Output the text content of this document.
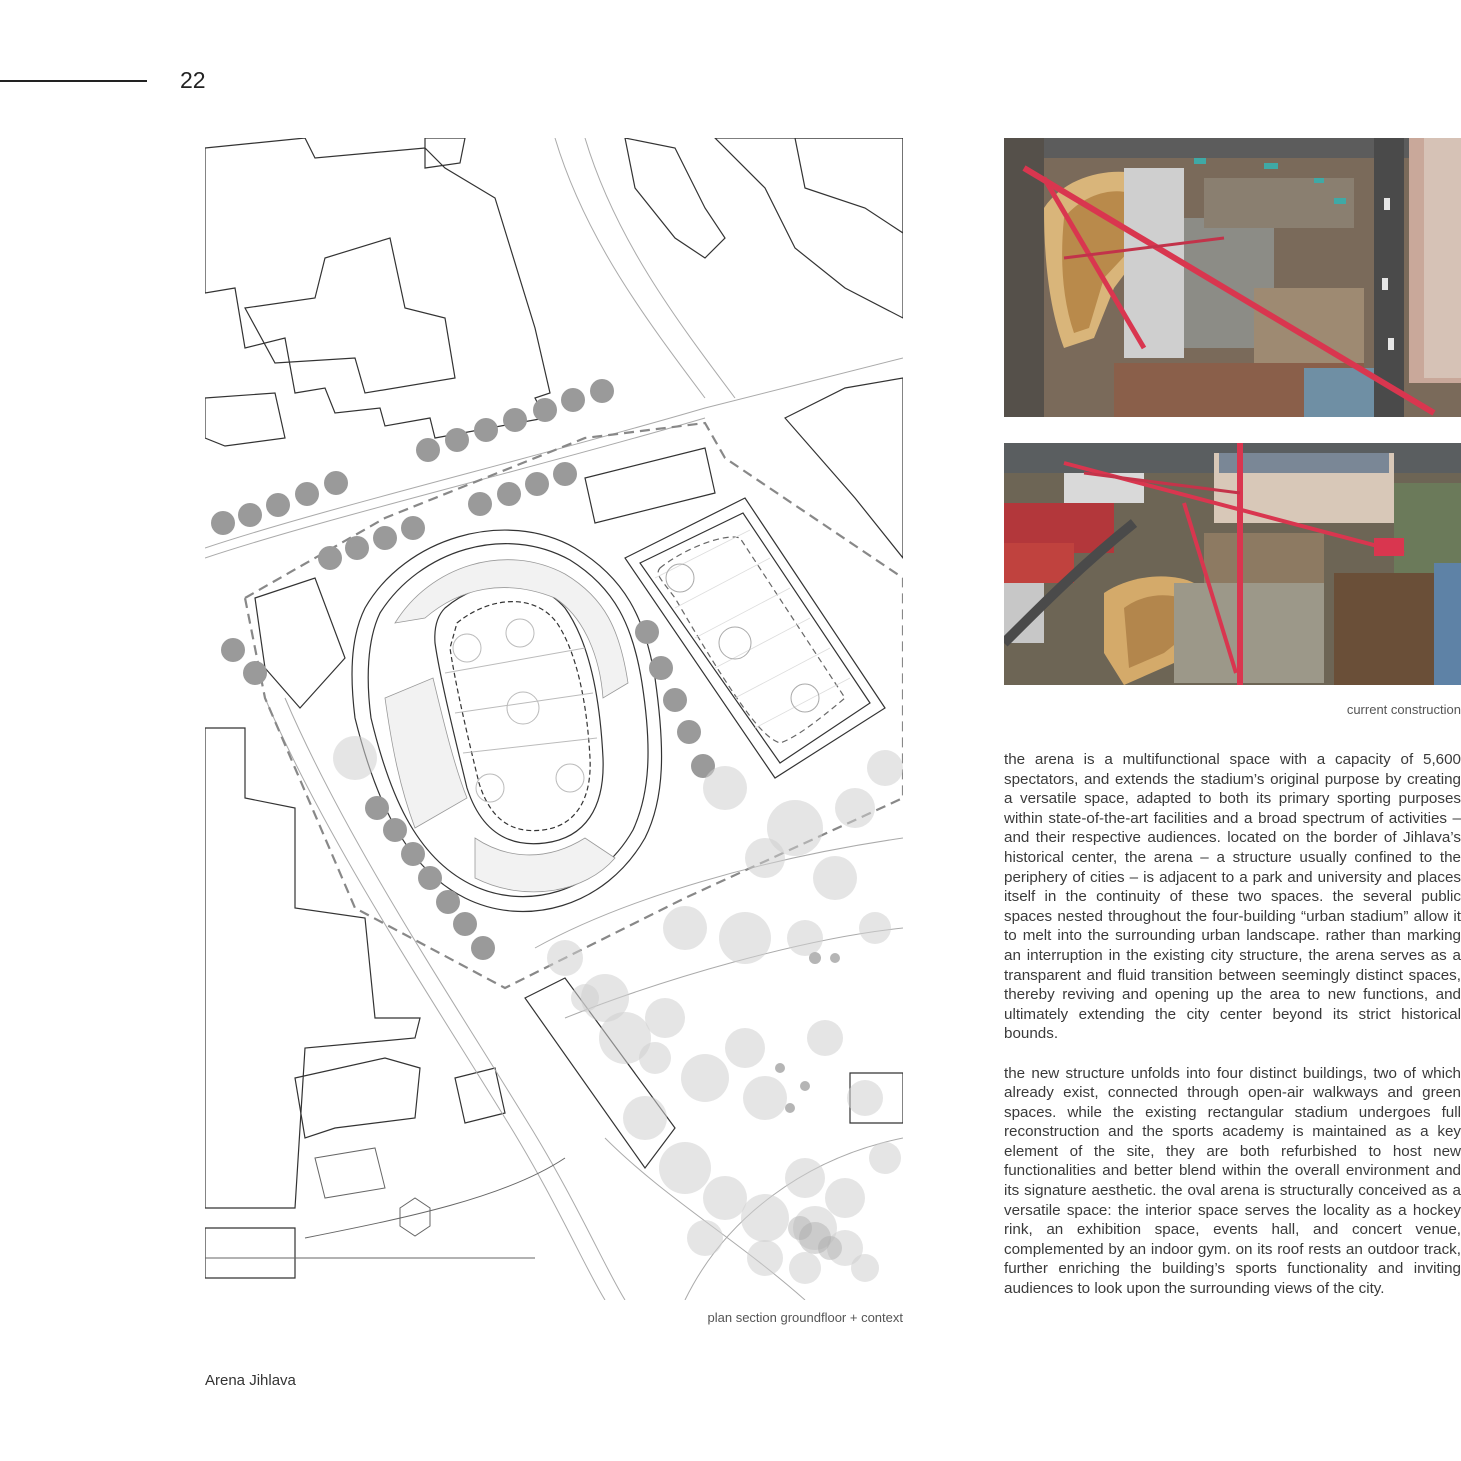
22
plan section groundfloor + context
current construction

the arena is a multifunctional space with a capacity of 5,600 spectators, and extends the stadium’s original purpose by creating a versatile space, adapted to both its primary sporting purposes within state-of-the-art facilities and a broad spectrum of activities – and their respective audiences. located on the border of Jihlava’s historical center, the arena – a structure usually confined to the periphery of cities – is adjacent to a park and university and places itself in the continuity of these two spaces. the several public spaces nested throughout the four-building “urban stadium” allow it to melt into the surrounding urban landscape. rather than marking an interruption in the existing city structure, the arena serves as a transparent and fluid transition between seemingly distinct spaces, thereby reviving and opening up the area to new functions, and ultimately extending the city center beyond its strict historical bounds.

the new structure unfolds into four distinct buildings, two of which already exist, connected through open-air walkways and green spaces. while the existing rectangular stadium undergoes full reconstruction and the sports academy is maintained as a key element of the site, they are both refurbished to host new functionalities and better blend within the overall environment and its signature aesthetic. the oval arena is structurally conceived as a versatile space: the interior space serves the locality as a hockey rink, an exhibition space, events hall, and concert venue, complemented by an indoor gym. on its roof rests an outdoor track, further enriching the building’s sports functionality and inviting audiences to look upon the surrounding views of the city.

Arena Jihlava
